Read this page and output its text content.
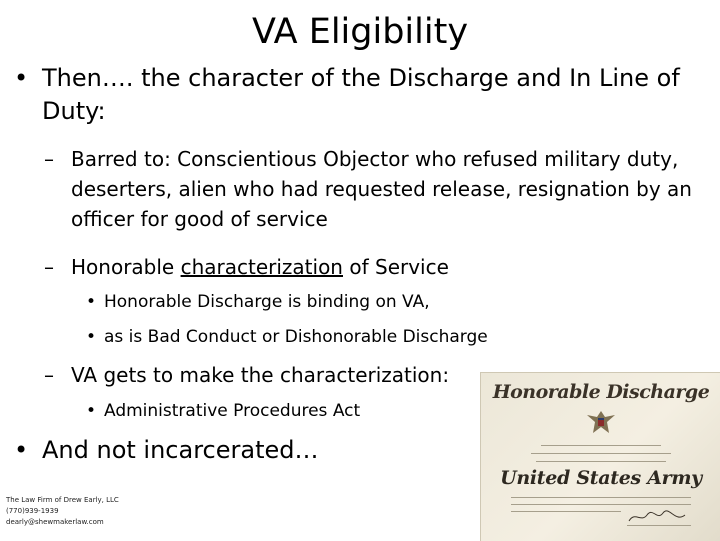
VA Eligibility
• Then…. the character of the Discharge and In Line of Duty:
– Barred to: Conscientious Objector who refused military duty, deserters, alien who had requested release, resignation by an officer for good of service
– Honorable characterization of Service
• Honorable Discharge is binding on VA,
• as is Bad Conduct or Dishonorable Discharge
– VA gets to make the characterization:
• Administrative Procedures Act
• And not incarcerated…
The Law Firm of Drew Early, LLC
(770)939-1939
dearly@shewmakerlaw.com
Honorable Discharge
United States Army
